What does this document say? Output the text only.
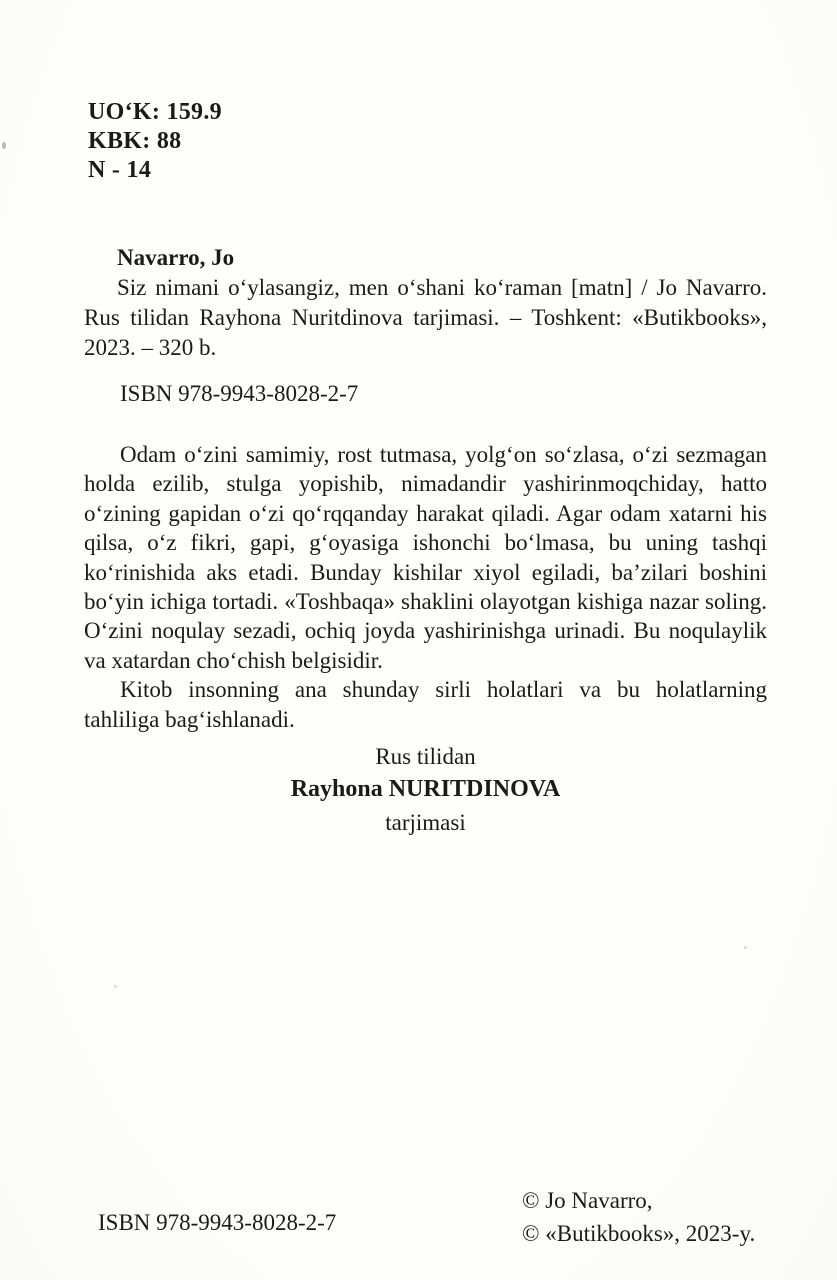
UO‘K: 159.9
KBK: 88
N - 14

Navarro, Jo

Siz nimani o‘ylasangiz, men o‘shani ko‘raman [matn] / Jo Navarro. Rus tilidan Rayhona Nuritdinova tarjimasi. – Toshkent: «Butikbooks», 2023. – 320 b.

ISBN 978-9943-8028-2-7

Odam o‘zini samimiy, rost tutmasa, yolg‘on so‘zlasa, o‘zi sezmagan holda ezilib, stulga yopishib, nimadandir yashirinmoqchiday, hatto o‘zining gapidan o‘zi qo‘rqqanday harakat qiladi. Agar odam xatarni his qilsa, o‘z fikri, gapi, g‘oyasiga ishonchi bo‘lmasa, bu uning tashqi ko‘rinishida aks etadi. Bunday kishilar xiyol egiladi, ba’zilari boshini bo‘yin ichiga tortadi. «Toshbaqa» shaklini olayotgan kishiga nazar soling. O‘zini noqulay sezadi, ochiq joyda yashirinishga urinadi. Bu noqulaylik va xatardan cho‘chish belgisidir.

Kitob insonning ana shunday sirli holatlari va bu holatlarning tahliliga bag‘ishlanadi.

Rus tilidan
Rayhona NURITDINOVA
tarjimasi
ISBN 978-9943-8028-2-7
© Jo Navarro,
© «Butikbooks», 2023-y.
